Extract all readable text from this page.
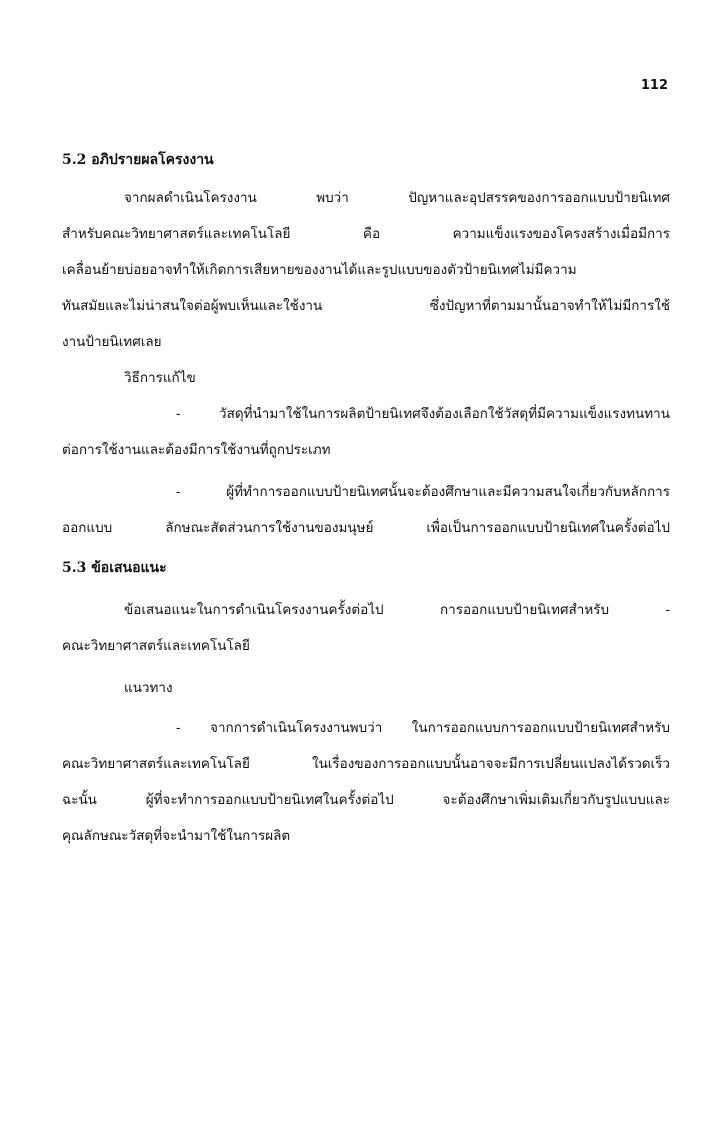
112
5.2 อภิปรายผลโครงงาน
จากผลดำเนินโครงงาน พบว่า ปัญหาและอุปสรรคของการออกแบบป้ายนิเทศ
สำหรับคณะวิทยาศาสตร์และเทคโนโลยี คือ ความแข็งแรงของโครงสร้างเมื่อมีการ
เคลื่อนย้ายบ่อยอาจทำให้เกิดการเสียหายของงานได้และรูปแบบของตัวป้ายนิเทศไม่มีความ
ทันสมัยและไม่น่าสนใจต่อผู้พบเห็นและใช้งาน ซึ่งปัญหาที่ตามมานั้นอาจทำให้ไม่มีการใช้
งานป้ายนิเทศเลย
วิธีการแก้ไข
- วัสดุที่นำมาใช้ในการผลิตป้ายนิเทศจึงต้องเลือกใช้วัสดุที่มีความแข็งแรงทนทาน
ต่อการใช้งานและต้องมีการใช้งานที่ถูกประเภท
- ผู้ที่ทำการออกแบบป้ายนิเทศนั้นจะต้องศึกษาและมีความสนใจเกี่ยวกับหลักการ
ออกแบบ ลักษณะสัดส่วนการใช้งานของมนุษย์ เพื่อเป็นการออกแบบป้ายนิเทศในครั้งต่อไป
5.3 ข้อเสนอแนะ
ข้อเสนอแนะในการดำเนินโครงงานครั้งต่อไป การออกแบบป้ายนิเทศสำหรับ -
คณะวิทยาศาสตร์และเทคโนโลยี
แนวทาง
- จากการดำเนินโครงงานพบว่า ในการออกแบบการออกแบบป้ายนิเทศสำหรับ
คณะวิทยาศาสตร์และเทคโนโลยี ในเรื่องของการออกแบบนั้นอาจจะมีการเปลี่ยนแปลงได้รวดเร็ว
ฉะนั้น ผู้ที่จะทำการออกแบบป้ายนิเทศในครั้งต่อไป จะต้องศึกษาเพิ่มเติมเกี่ยวกับรูปแบบและ
คุณลักษณะวัสดุที่จะนำมาใช้ในการผลิต
